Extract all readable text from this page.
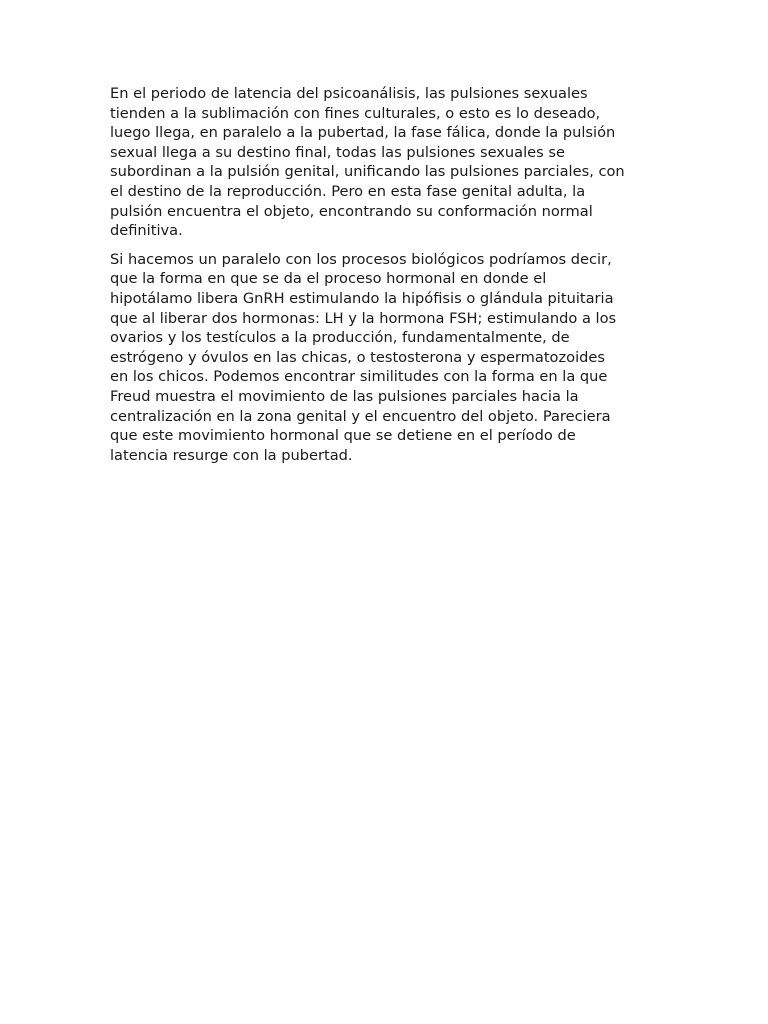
En el periodo de latencia del psicoanálisis, las pulsiones sexuales
tienden a la sublimación con fines culturales, o esto es lo deseado,
luego llega, en paralelo a la pubertad, la fase fálica, donde la pulsión
sexual llega a su destino final, todas las pulsiones sexuales se
subordinan a la pulsión genital, unificando las pulsiones parciales, con
el destino de la reproducción. Pero en esta fase genital adulta, la
pulsión encuentra el objeto, encontrando su conformación normal
definitiva.

Si hacemos un paralelo con los procesos biológicos podríamos decir,
que la forma en que se da el proceso hormonal en donde el
hipotálamo libera GnRH estimulando la hipófisis o glándula pituitaria
que al liberar dos hormonas: LH y la hormona FSH; estimulando a los
ovarios y los testículos a la producción, fundamentalmente, de
estrógeno y óvulos en las chicas, o testosterona y espermatozoides
en los chicos. Podemos encontrar similitudes con la forma en la que
Freud muestra el movimiento de las pulsiones parciales hacia la
centralización en la zona genital y el encuentro del objeto. Pareciera
que este movimiento hormonal que se detiene en el período de
latencia resurge con la pubertad.
